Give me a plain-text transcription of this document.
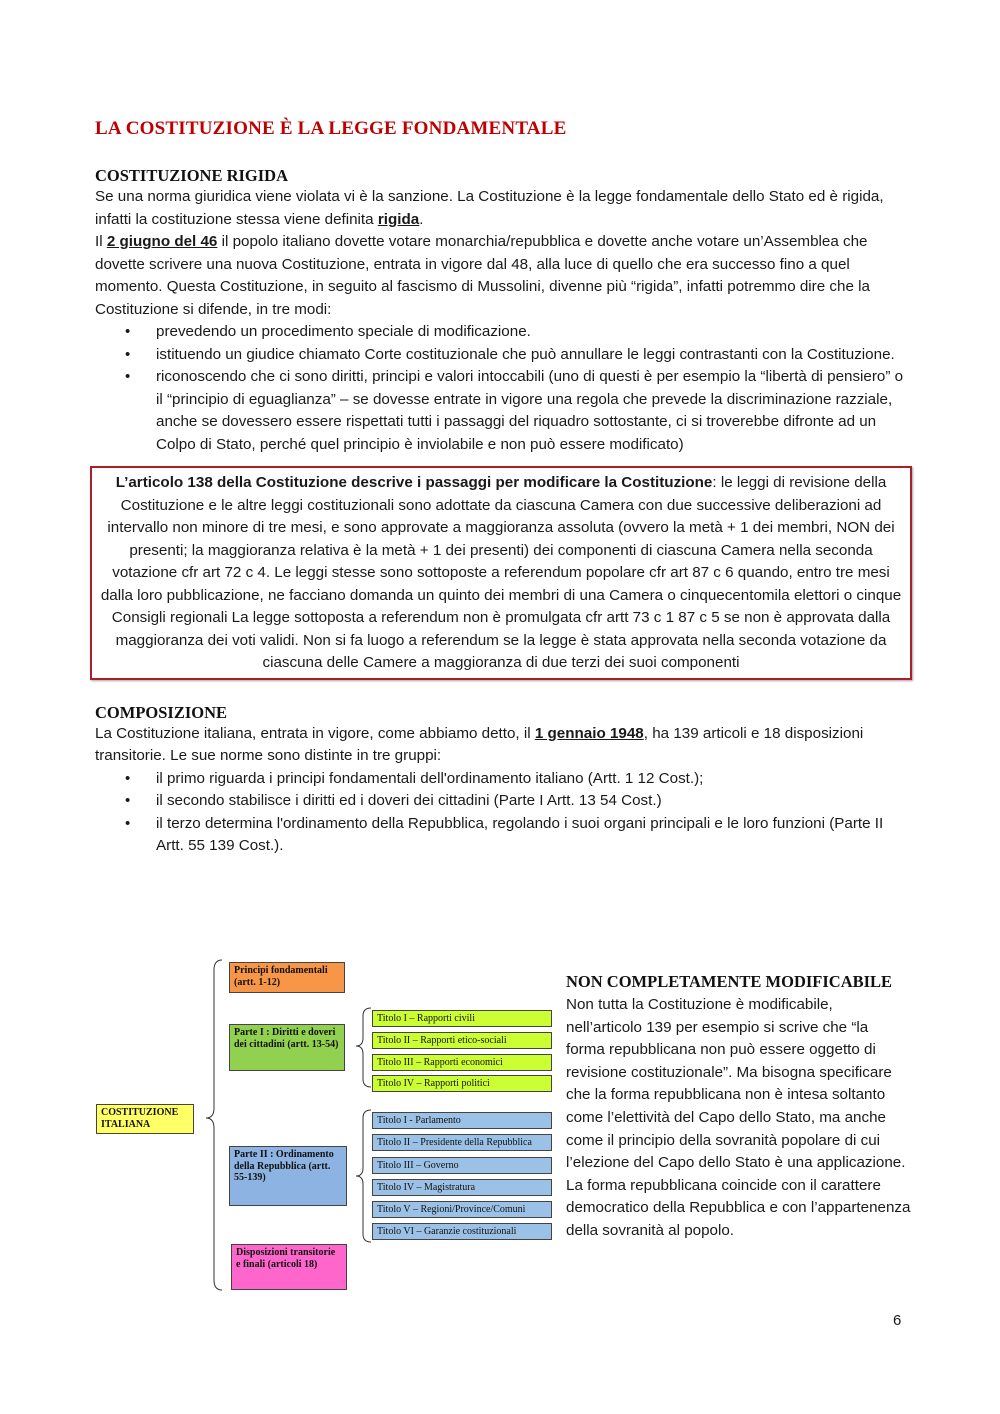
LA COSTITUZIONE È LA LEGGE FONDAMENTALE
COSTITUZIONE RIGIDA

Se una norma giuridica viene violata vi è la sanzione. La Costituzione è la legge fondamentale dello Stato ed è rigida, infatti la costituzione stessa viene definita rigida.

Il 2 giugno del 46 il popolo italiano dovette votare monarchia/repubblica e dovette anche votare un’Assemblea che dovette scrivere una nuova Costituzione, entrata in vigore dal 48, alla luce di quello che era successo fino a quel momento. Questa Costituzione, in seguito al fascismo di Mussolini, divenne più “rigida”, infatti potremmo dire che la Costituzione si difende, in tre modi:

• prevedendo un procedimento speciale di modificazione.
• istituendo un giudice chiamato Corte costituzionale che può annullare le leggi contrastanti con la Costituzione.
• riconoscendo che ci sono diritti, principi e valori intoccabili (uno di questi è per esempio la “libertà di pensiero” o il “principio di eguaglianza” – se dovesse entrate in vigore una regola che prevede la discriminazione razziale, anche se dovessero essere rispettati tutti i passaggi del riquadro sottostante, ci si troverebbe difronte ad un Colpo di Stato, perché quel principio è inviolabile e non può essere modificato)
L’articolo 138 della Costituzione descrive i passaggi per modificare la Costituzione: le leggi di revisione della Costituzione e le altre leggi costituzionali sono adottate da ciascuna Camera con due successive deliberazioni ad intervallo non minore di tre mesi, e sono approvate a maggioranza assoluta (ovvero la metà + 1 dei membri, NON dei presenti; la maggioranza relativa è la metà + 1 dei presenti) dei componenti di ciascuna Camera nella seconda votazione cfr art 72 c 4. Le leggi stesse sono sottoposte a referendum popolare cfr art 87 c 6 quando, entro tre mesi dalla loro pubblicazione, ne facciano domanda un quinto dei membri di una Camera o cinquecentomila elettori o cinque Consigli regionali La legge sottoposta a referendum non è promulgata cfr artt 73 c 1 87 c 5 se non è approvata dalla maggioranza dei voti validi. Non si fa luogo a referendum se la legge è stata approvata nella seconda votazione da ciascuna delle Camere a maggioranza di due terzi dei suoi componenti
COMPOSIZIONE

La Costituzione italiana, entrata in vigore, come abbiamo detto, il 1 gennaio 1948, ha 139 articoli e 18 disposizioni transitorie. Le sue norme sono distinte in tre gruppi:

• il primo riguarda i principi fondamentali dell'ordinamento italiano (Artt. 1 12 Cost.);
• il secondo stabilisce i diritti ed i doveri dei cittadini (Parte I Artt. 13 54 Cost.)
• il terzo determina l'ordinamento della Repubblica, regolando i suoi organi principali e le loro funzioni (Parte II Artt. 55 139 Cost.).
COSTITUZIONE ITALIANA
Principi fondamentali (artt. 1-12)
Parte I : Diritti e doveri dei cittadini (artt. 13-54)
Titolo I – Rapporti civili
Titolo II – Rapporti etico-sociali
Titolo III – Rapporti economici
Titolo IV – Rapporti politici
Parte II : Ordinamento della Repubblica (artt. 55-139)
Titolo I - Parlamento
Titolo II – Presidente della Repubblica
Titolo III – Governo
Titolo IV – Magistratura
Titolo V – Regioni/Province/Comuni
Titolo VI – Garanzie costituzionali
Disposizioni transitorie e finali (articoli 18)
NON COMPLETAMENTE MODIFICABILE

Non tutta la Costituzione è modificabile, nell’articolo 139 per esempio si scrive che “la forma repubblicana non può essere oggetto di revisione costituzionale”. Ma bisogna specificare che la forma repubblicana non è intesa soltanto come l’elettività del Capo dello Stato, ma anche come il principio della sovranità popolare di cui l’elezione del Capo dello Stato è una applicazione. La forma repubblicana coincide con il carattere democratico della Repubblica e con l’appartenenza della sovranità al popolo.

6
